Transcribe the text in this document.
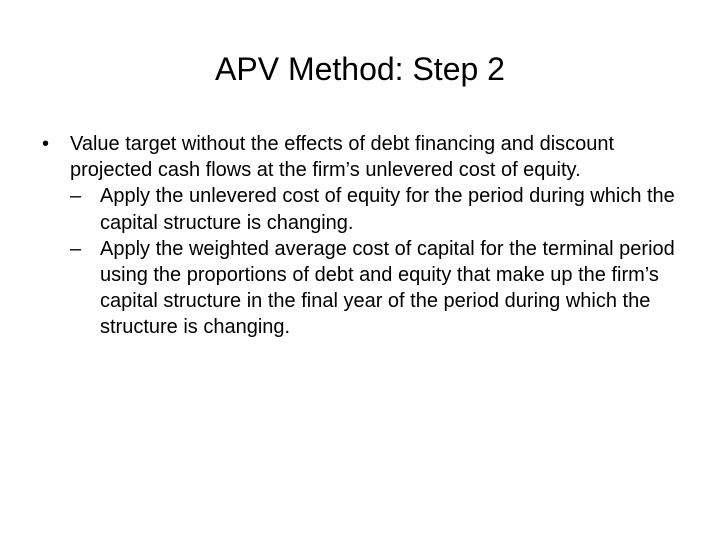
APV Method: Step 2
• Value target without the effects of debt financing and discount projected cash flows at the firm’s unlevered cost of equity.
– Apply the unlevered cost of equity for the period during which the capital structure is changing.
– Apply the weighted average cost of capital for the terminal period using the proportions of debt and equity that make up the firm’s capital structure in the final year of the period during which the structure is changing.
